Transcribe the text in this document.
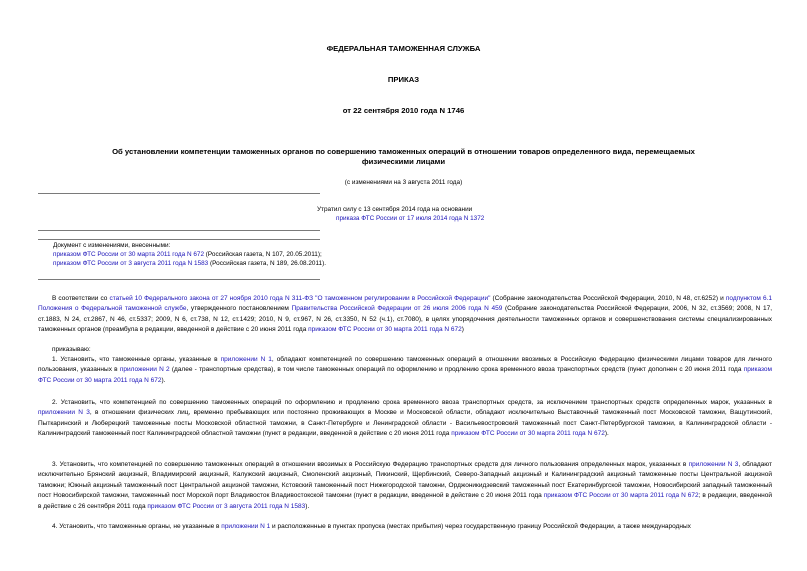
ФЕДЕРАЛЬНАЯ ТАМОЖЕННАЯ СЛУЖБА
ПРИКАЗ
от 22 сентября 2010 года N 1746
Об установлении компетенции таможенных органов по совершению таможенных операций в отношении товаров определенного вида, перемещаемых
физическими лицами
(с изменениями на 3 августа 2011 года)
Утратил силу с 13 сентября 2014 года на основании
приказа ФТС России от 17 июля 2014 года N 1372
Документ с изменениями, внесенными:
приказом ФТС России от 30 марта 2011 года N 672 (Российская газета, N 107, 20.05.2011);
приказом ФТС России от 3 августа 2011 года N 1583 (Российская газета, N 189, 26.08.2011).
В соответствии со статьей 10 Федерального закона от 27 ноября 2010 года N 311-ФЗ "О таможенном регулировании в Российской Федерации" (Собрание законодательства Российской Федерации, 2010, N 48, ст.6252) и подпунктом 6.1 Положения о Федеральной таможенной службе, утвержденного постановлением Правительства Российской Федерации от 26 июля 2006 года N 459 (Собрание законодательства Российской Федерации, 2006, N 32, ст.3569; 2008, N 17, ст.1883, N 24, ст.2867, N 46, ст.5337; 2009, N 6, ст.738, N 12, ст.1429; 2010, N 9, ст.967, N 26, ст.3350, N 52 (ч.1), ст.7080), в целях упорядочения деятельности таможенных органов и совершенствования системы специализированных таможенных органов (преамбула в редакции, введенной в действие с 20 июня 2011 года приказом ФТС России от 30 марта 2011 года N 672)
приказываю:
1. Установить, что таможенные органы, указанные в приложении N 1, обладают компетенцией по совершению таможенных операций в отношении ввозимых в Российскую Федерацию физическими лицами товаров для личного пользования, указанных в приложении N 2 (далее - транспортные средства), в том числе таможенных операций по оформлению и продлению срока временного ввоза транспортных средств (пункт дополнен с 20 июня 2011 года приказом ФТС России от 30 марта 2011 года N 672).
2. Установить, что компетенцией по совершению таможенных операций по оформлению и продлению срока временного ввоза транспортных средств, за исключением транспортных средств определенных марок, указанных в приложении N 3, в отношении физических лиц, временно пребывающих или постоянно проживающих в Москве и Московской области, обладают исключительно Выставочный таможенный пост Московской таможни, Ващутинский, Пыткаринский и Люберецкий таможенные посты Московской областной таможни, в Санкт-Петербурге и Ленинградской области - Васильевостровский таможенный пост Санкт-Петербургской таможни, в Калининградской области - Калининградский таможенный пост Калининградской областной таможни (пункт в редакции, введенной в действие с 20 июня 2011 года приказом ФТС России от 30 марта 2011 года N 672).
3. Установить, что компетенцией по совершению таможенных операций в отношении ввозимых в Российскую Федерацию транспортных средств для личного пользования определенных марок, указанных в приложении N 3, обладают исключительно Брянский акцизный, Владимирский акцизный, Калужский акцизный, Смоленский акцизный, Пикинский, Щербинский, Северо-Западный акцизный и Калининградский акцизный таможенные посты Центральной акцизной таможни; Южный акцизный таможенный пост Центральной акцизной таможни, Кстовский таможенный пост Нижегородской таможни, Орджоникидзевский таможенный пост Екатеринбургской таможни, Новосибирский западный таможенный пост Новосибирской таможни, таможенный пост Морской порт Владивосток Владивостокской таможни (пункт в редакции, введенной в действие с 20 июня 2011 года приказом ФТС России от 30 марта 2011 года N 672; в редакции, введенной в действие с 26 сентября 2011 года приказом ФТС России от 3 августа 2011 года N 1583).
4. Установить, что таможенные органы, не указанные в приложении N 1 и расположенные в пунктах пропуска (местах прибытия) через государственную границу Российской Федерации, а также международных
